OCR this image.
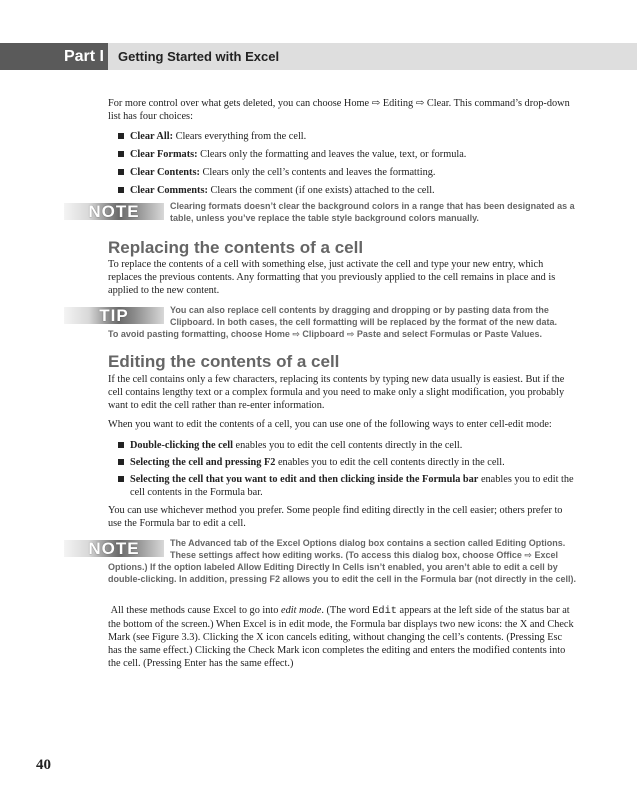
Part I Getting Started with Excel

For more control over what gets deleted, you can choose Home ⇨ Editing ⇨ Clear. This command’s drop-down list has four choices:

Clear All: Clears everything from the cell.
Clear Formats: Clears only the formatting and leaves the value, text, or formula.
Clear Contents: Clears only the cell’s contents and leaves the formatting.
Clear Comments: Clears the comment (if one exists) attached to the cell.
NOTE	Clearing formats doesn’t clear the background colors in a range that has been designated as a
table, unless you’ve replace the table style background colors manually.
Replacing the contents of a cell

To replace the contents of a cell with something else, just activate the cell and type your new entry, which replaces the previous contents. Any formatting that you previously applied to the cell remains in place and is applied to the new content.

TIP	You can also replace cell contents by dragging and dropping or by pasting data from the
Clipboard. In both cases, the cell formatting will be replaced by the format of the new data.
To avoid pasting formatting, choose Home ⇨ Clipboard ⇨ Paste and select Formulas or Paste Values.
Editing the contents of a cell

If the cell contains only a few characters, replacing its contents by typing new data usually is easiest. But if the cell contains lengthy text or a complex formula and you need to make only a slight modification, you probably want to edit the cell rather than re-enter information.

When you want to edit the contents of a cell, you can use one of the following ways to enter cell-edit mode:

Double-clicking the cell enables you to edit the cell contents directly in the cell.
Selecting the cell and pressing F2 enables you to edit the cell contents directly in the cell.
Selecting the cell that you want to edit and then clicking inside the Formula bar enables you to edit the cell contents in the Formula bar.

You can use whichever method you prefer. Some people find editing directly in the cell easier; others prefer to use the Formula bar to edit a cell.

NOTE	The Advanced tab of the Excel Options dialog box contains a section called Editing Options.
These settings affect how editing works. (To access this dialog box, choose Office ⇨ Excel
Options.) If the option labeled Allow Editing Directly In Cells isn’t enabled, you aren’t able to edit a cell by double-clicking. In addition, pressing F2 allows you to edit the cell in the Formula bar (not directly in the cell).

All these methods cause Excel to go into edit mode. (The word Edit appears at the left side of the status bar at the bottom of the screen.) When Excel is in edit mode, the Formula bar displays two new icons: the X and Check Mark (see Figure 3.3). Clicking the X icon cancels editing, without changing the cell’s contents. (Pressing Esc has the same effect.) Clicking the Check Mark icon completes the editing and enters the modified contents into the cell. (Pressing Enter has the same effect.)

40
